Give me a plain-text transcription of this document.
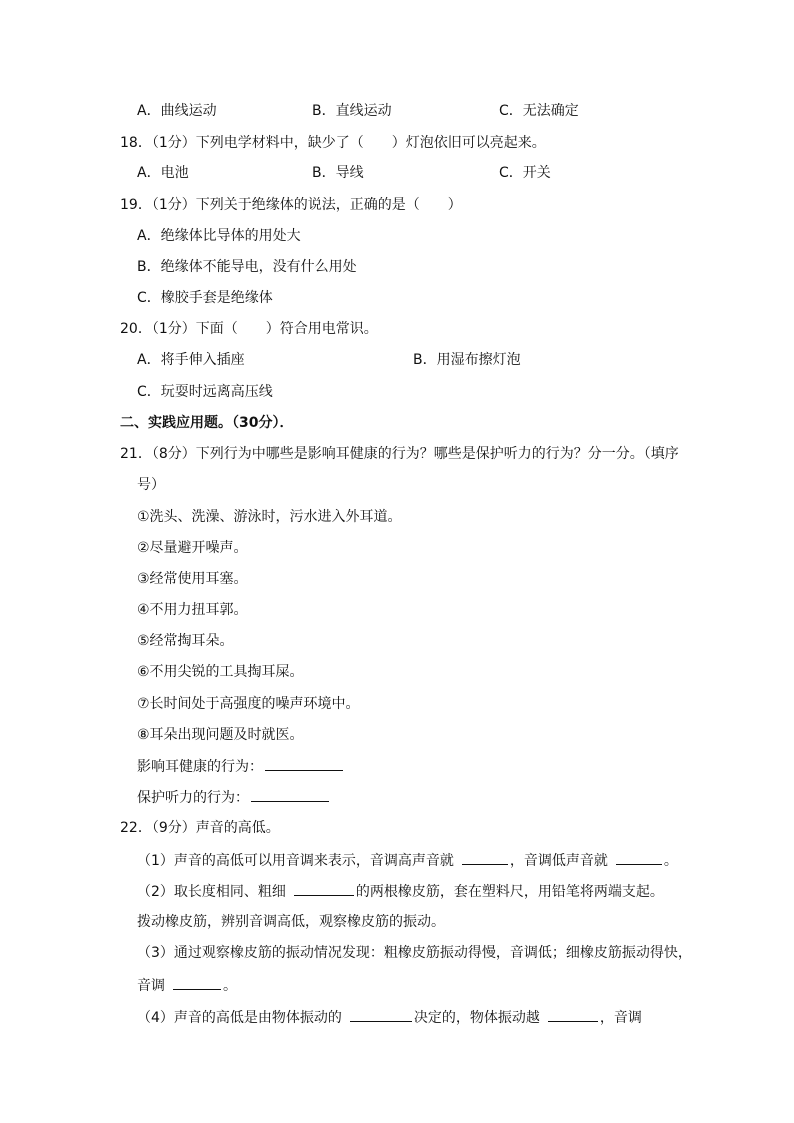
A．曲线运动	B．直线运动	C．无法确定
18．（1分）下列电学材料中，缺少了（　　）灯泡依旧可以亮起来。
A．电池	B．导线	C．开关
19．（1分）下列关于绝缘体的说法，正确的是（　　）
A．绝缘体比导体的用处大
B．绝缘体不能导电，没有什么用处
C．橡胶手套是绝缘体
20．（1分）下面（　　）符合用电常识。
A．将手伸入插座	B．用湿布擦灯泡
C．玩耍时远离高压线
二、实践应用题。（30分）．
21．（8分）下列行为中哪些是影响耳健康的行为？哪些是保护听力的行为？分一分。（填序
号）
①洗头、洗澡、游泳时，污水进入外耳道。
②尽量避开噪声。
③经常使用耳塞。
④不用力扭耳郭。
⑤经常掏耳朵。
⑥不用尖锐的工具掏耳屎。
⑦长时间处于高强度的噪声环境中。
⑧耳朵出现问题及时就医。
影响耳健康的行为：
保护听力的行为：
22．（9分）声音的高低。
（1）声音的高低可以用音调来表示，音调高声音就	，音调低声音就	。
（2）取长度相同、粗细	的两根橡皮筋，套在塑料尺，用铅笔将两端支起。
拨动橡皮筋，辨别音调高低，观察橡皮筋的振动。
（3）通过观察橡皮筋的振动情况发现：粗橡皮筋振动得慢，音调低；细橡皮筋振动得快，
音调	。
（4）声音的高低是由物体振动的	决定的，物体振动越	，音调
